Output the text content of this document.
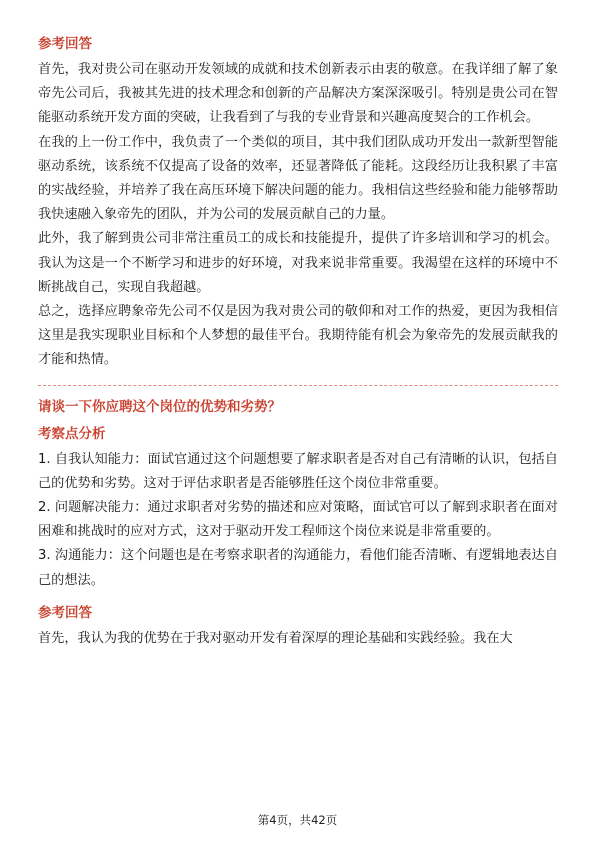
参考回答

首先，我对贵公司在驱动开发领域的成就和技术创新表示由衷的敬意。在我详细了解了象帝先公司后，我被其先进的技术理念和创新的产品解决方案深深吸引。特别是贵公司在智能驱动系统开发方面的突破，让我看到了与我的专业背景和兴趣高度契合的工作机会。

在我的上一份工作中，我负责了一个类似的项目，其中我们团队成功开发出一款新型智能驱动系统，该系统不仅提高了设备的效率，还显著降低了能耗。这段经历让我积累了丰富的实战经验，并培养了我在高压环境下解决问题的能力。我相信这些经验和能力能够帮助我快速融入象帝先的团队，并为公司的发展贡献自己的力量。

此外，我了解到贵公司非常注重员工的成长和技能提升，提供了许多培训和学习的机会。我认为这是一个不断学习和进步的好环境，对我来说非常重要。我渴望在这样的环境中不断挑战自己，实现自我超越。

总之，选择应聘象帝先公司不仅是因为我对贵公司的敬仰和对工作的热爱，更因为我相信这里是我实现职业目标和个人梦想的最佳平台。我期待能有机会为象帝先的发展贡献我的才能和热情。

请谈一下你应聘这个岗位的优势和劣势？

考察点分析

1. 自我认知能力：面试官通过这个问题想要了解求职者是否对自己有清晰的认识，包括自己的优势和劣势。这对于评估求职者是否能够胜任这个岗位非常重要。

2. 问题解决能力：通过求职者对劣势的描述和应对策略，面试官可以了解到求职者在面对困难和挑战时的应对方式，这对于驱动开发工程师这个岗位来说是非常重要的。

3. 沟通能力：这个问题也是在考察求职者的沟通能力，看他们能否清晰、有逻辑地表达自己的想法。

参考回答

首先，我认为我的优势在于我对驱动开发有着深厚的理论基础和实践经验。我在大

第4页，共42页
